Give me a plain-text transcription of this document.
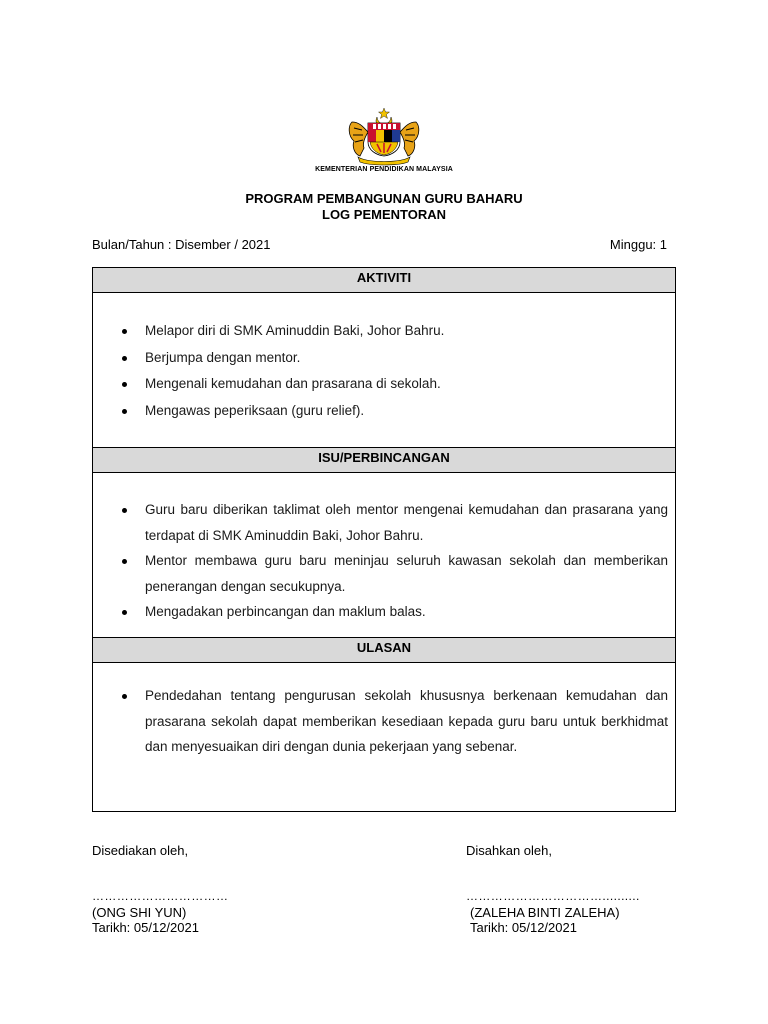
KEMENTERIAN PENDIDIKAN MALAYSIA
PROGRAM PEMBANGUNAN GURU BAHARU
LOG PEMENTORAN
Bulan/Tahun : Disember / 2021	Minggu: 1
AKTIVITI
Melapor diri di SMK Aminuddin Baki, Johor Bahru.
Berjumpa dengan mentor.
Mengenali kemudahan dan prasarana di sekolah.
Mengawas peperiksaan (guru relief).
ISU/PERBINCANGAN
Guru baru diberikan taklimat oleh mentor mengenai kemudahan dan prasarana yang terdapat di SMK Aminuddin Baki, Johor Bahru.
Mentor membawa guru baru meninjau seluruh kawasan sekolah dan memberikan penerangan dengan secukupnya.
Mengadakan perbincangan dan maklum balas.
ULASAN
Pendedahan tentang pengurusan sekolah khususnya berkenaan kemudahan dan prasarana sekolah dapat memberikan kesediaan kepada guru baru untuk berkhidmat dan menyesuaikan diri dengan dunia pekerjaan yang sebenar.
Disediakan oleh,	Disahkan oleh,
……………………………	……………………………..........
(ONG SHI YUN)	(ZALEHA BINTI ZALEHA)
Tarikh: 05/12/2021	Tarikh: 05/12/2021
